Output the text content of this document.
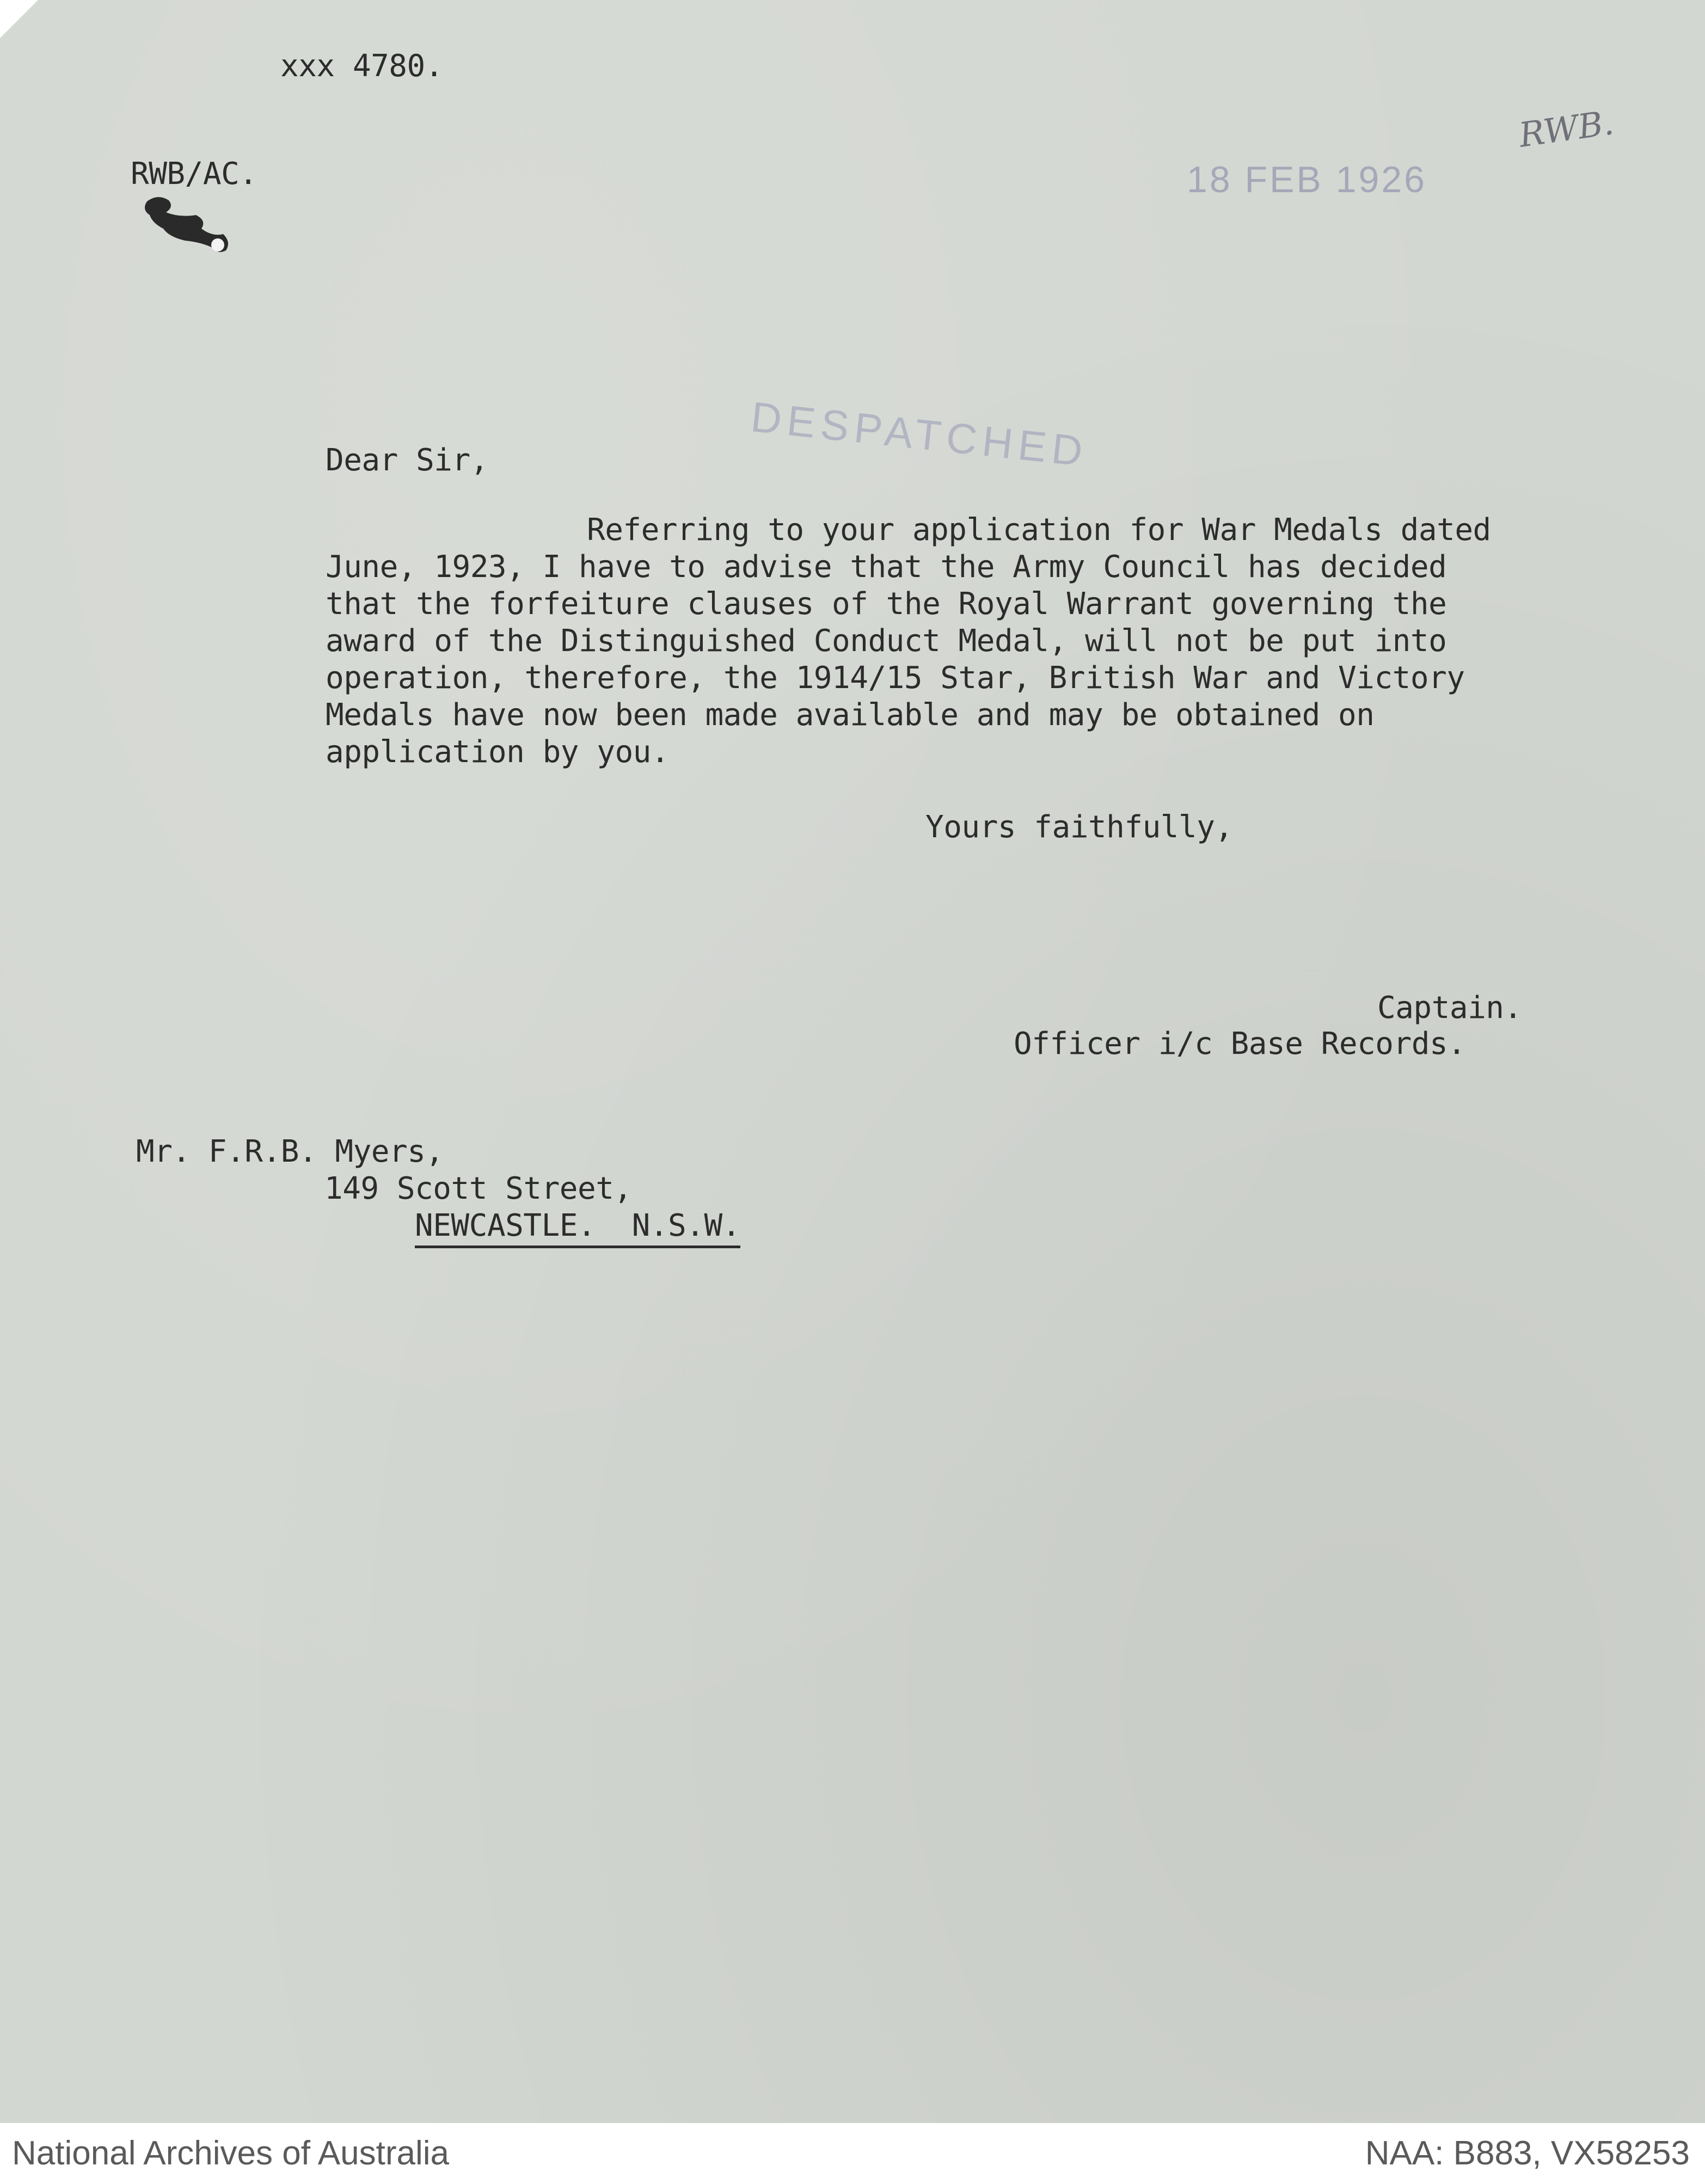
xxx 4780.
RWB/AC.	18 FEB 1926
RWB.
DESPATCHED
Dear Sir,
Referring to your application for War Medals dated
June, 1923, I have to advise that the Army Council has decided
that the forfeiture clauses of the Royal Warrant governing the
award of the Distinguished Conduct Medal, will not be put into
operation, therefore, the 1914/15 Star, British War and Victory
Medals have now been made available and may be obtained on
application by you.
Yours faithfully,
Captain.
Officer i/c Base Records.
Mr. F.R.B. Myers,
149 Scott Street,
NEWCASTLE.  N.S.W.
National Archives of Australia	NAA: B883, VX58253
